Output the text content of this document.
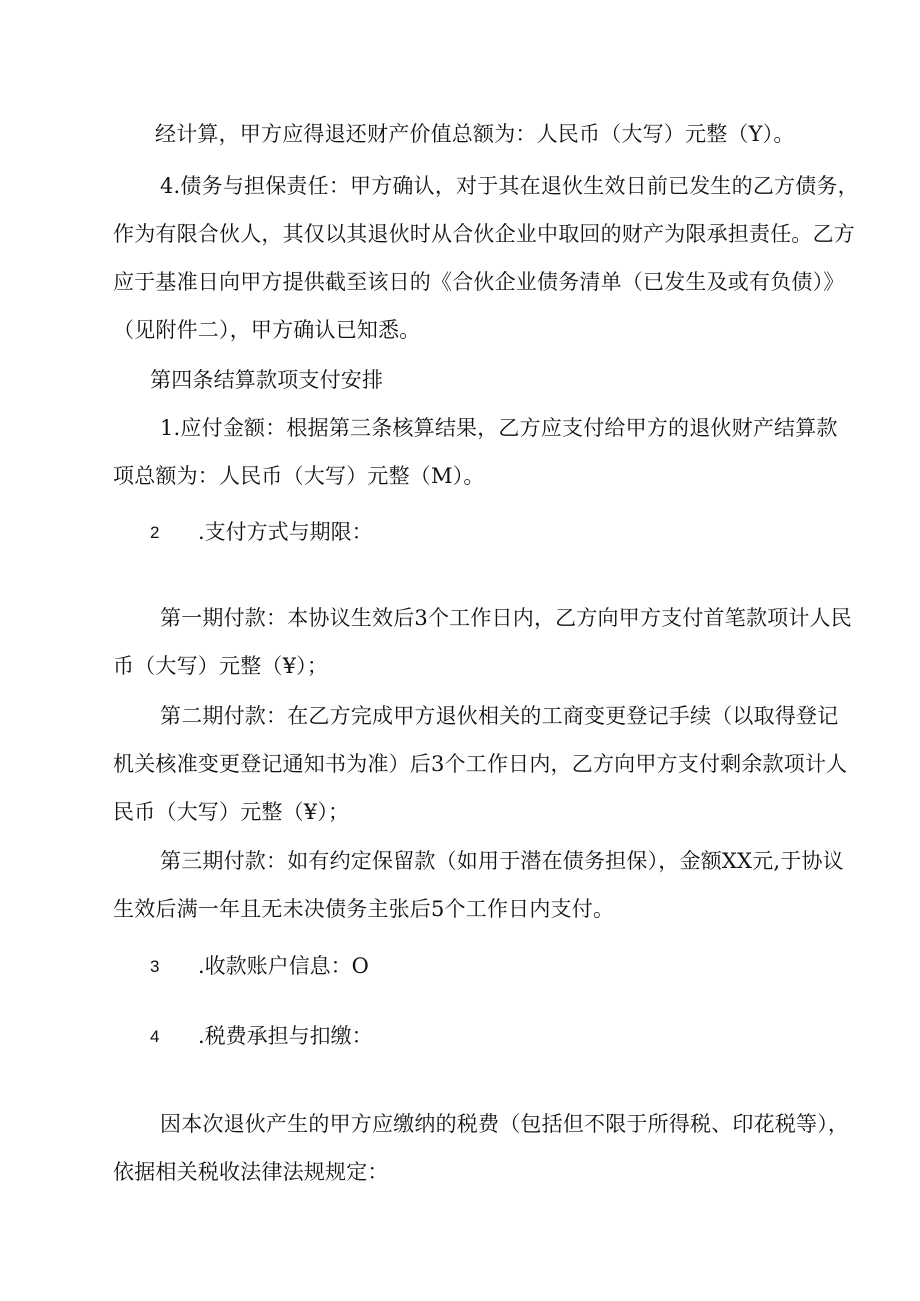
经计算，甲方应得退还财产价值总额为：人民币（大写）元整（Y）。
4.债务与担保责任：甲方确认，对于其在退伙生效日前已发生的乙方债务，
作为有限合伙人，其仅以其退伙时从合伙企业中取回的财产为限承担责任。乙方
应于基准日向甲方提供截至该日的《合伙企业债务清单（已发生及或有负债）》
（见附件二），甲方确认已知悉。
第四条结算款项支付安排
1.应付金额：根据第三条核算结果，乙方应支付给甲方的退伙财产结算款
项总额为：人民币（大写）元整（M）。
2 .支付方式与期限：
第一期付款：本协议生效后3个工作日内，乙方向甲方支付首笔款项计人民
币（大写）元整（¥）；
第二期付款：在乙方完成甲方退伙相关的工商变更登记手续（以取得登记
机关核准变更登记通知书为准）后3个工作日内，乙方向甲方支付剩余款项计人
民币（大写）元整（¥）；
第三期付款：如有约定保留款（如用于潜在债务担保），金额XX元,于协议
生效后满一年且无未决债务主张后5个工作日内支付。
3 .收款账户信息：O
4 .税费承担与扣缴：
因本次退伙产生的甲方应缴纳的税费（包括但不限于所得税、印花税等），
依据相关税收法律法规规定：
